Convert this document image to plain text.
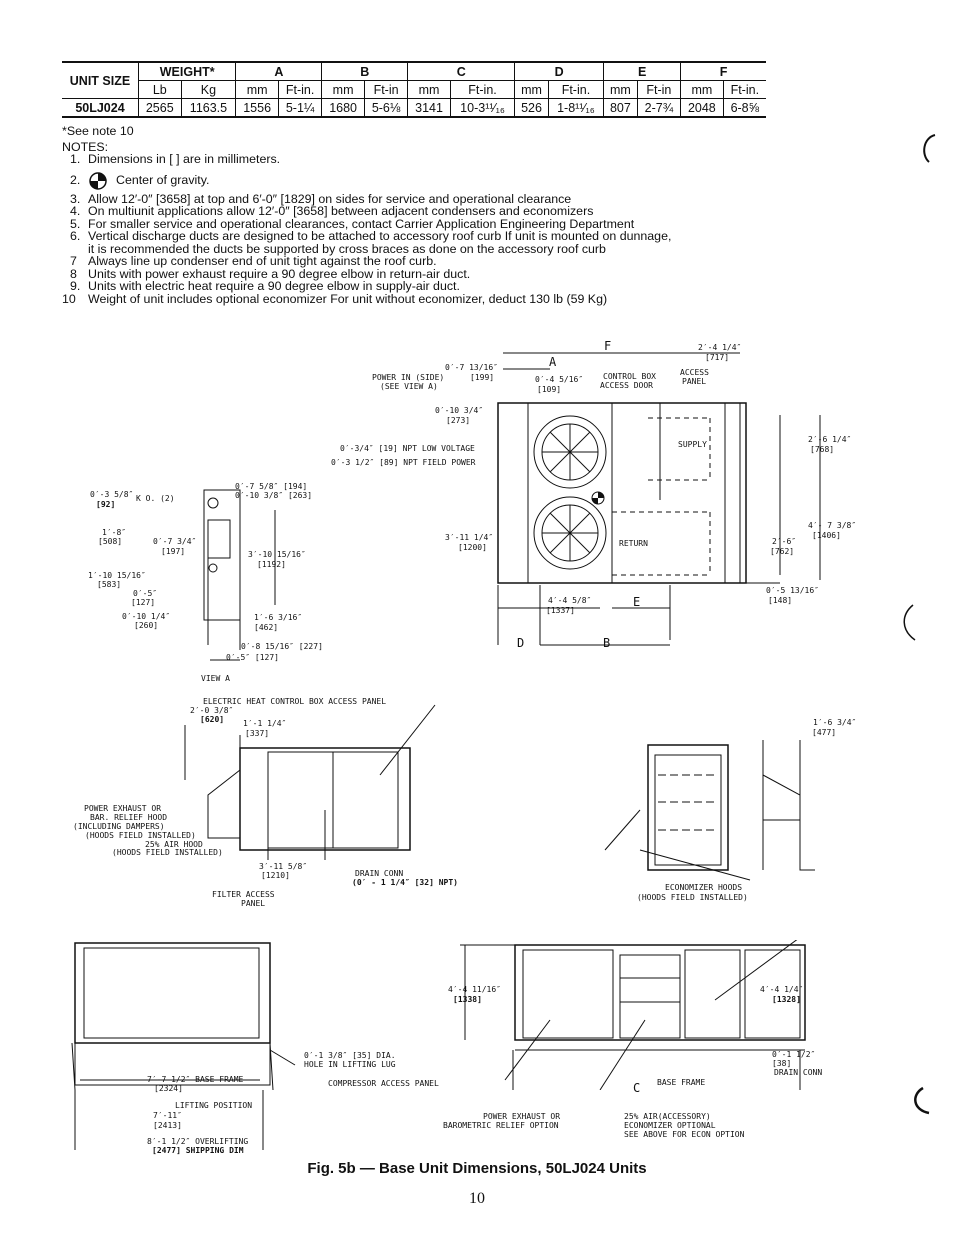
UNIT SIZE	WEIGHT*		A		B		C		D		E		F	
	Lb	Kg	mm	Ft-in.	mm	Ft-in	mm	Ft-in.	mm	Ft-in.	mm	Ft-in	mm	Ft-in.
50LJ024	2565	1163.5	1556	5-1¼	1680	5-6⅛	3141	10-3¹¹⁄₁₆	526	1-8¹¹⁄₁₆	807	2-7¾	2048	6-8⅝
*See note 10
NOTES:
1. Dimensions in [ ] are in millimeters.
2.	Center of gravity.
3. Allow 12′-0″ [3658] at top and 6′-0″ [1829] on sides for service and operational clearance
4. On multiunit applications allow 12′-0″ [3658] between adjacent condensers and economizers
5. For smaller service and operational clearances, contact Carrier Application Engineering Department
6. Vertical discharge ducts are designed to be attached to accessory roof curb If unit is mounted on dunnage,
it is recommended the ducts be supported by cross braces as done on the accessory roof curb
7 Always line up condenser end of unit tight against the roof curb.
8 Units with power exhaust require a 90 degree elbow in return-air duct.
9. Units with electric heat require a 90 degree elbow in supply-air duct.
10 Weight of unit includes optional economizer For unit without economizer, deduct 130 lb (59 Kg)
F
A
2′-4 1/4″
[717]
0′-7 13/16″
POWER IN (SIDE)	[199]
(SEE VIEW A)
0′-4 5/16″
[109]
CONTROL BOX
ACCESS DOOR
ACCESS
PANEL
0′-10 3/4″
[273]
0′-3/4″ [19] NPT LOW VOLTAGE
0′-3 1/2″ [89] NPT FIELD POWER
SUPPLY
RETURN
2′-6 1/4″
[768]
4′- 7 3/8″
[1406]
2′-6″
[762]
0′-5 13/16″
[148]
3′-11 1/4″
[1200]
4′-4 5/8″
[1337]
E
D	B
0′-3 5/8″ K O. (2)
[92]
0′-7 5/8″ [194]
0′-10 3/8″ [263]
1′-8″
[508]	0′-7 3/4″
[197]	3′-10 15/16″
[1192]
1′-10 15/16″
[583]
0′-5″
[127]
0′-10 1/4″
[260]
1′-6 3/16″
[462]
0′-8 15/16″ [227]
0′-5″ [127]
VIEW A
ELECTRIC HEAT CONTROL BOX ACCESS PANEL
2′-0 3/8″
[620] 1′-1 1/4″
[337]
POWER EXHAUST OR
BAR. RELIEF HOOD
(INCLUDING DAMPERS)
(HOODS FIELD INSTALLED)
25% AIR HOOD
(HOODS FIELD INSTALLED)
3′-11 5/8″
[1210]
FILTER ACCESS
PANEL
DRAIN CONN
(0′ - 1 1/4″ [32] NPT)
1′-6 3/4″
[477]
ECONOMIZER HOODS
(HOODS FIELD INSTALLED)
0′-1 3/8″ [35] DIA.
HOLE IN LIFTING LUG
7′-7 1/2″ BASE FRAME
[2324]
LIFTING POSITION
7′-11″
[2413]
8′-1 1/2″ OVERLIFTING
[2477] SHIPPING DIM
4′-4 11/16″
[1338]
4′-4 1/4″
[1328]
COMPRESSOR ACCESS PANEL	C BASE FRAME
0′-1 1/2″
[38]
DRAIN CONN
POWER EXHAUST OR
BAROMETRIC RELIEF OPTION
25% AIR(ACCESSORY)
ECONOMIZER OPTIONAL
SEE ABOVE FOR ECON OPTION
Fig. 5b — Base Unit Dimensions, 50LJ024 Units
10
